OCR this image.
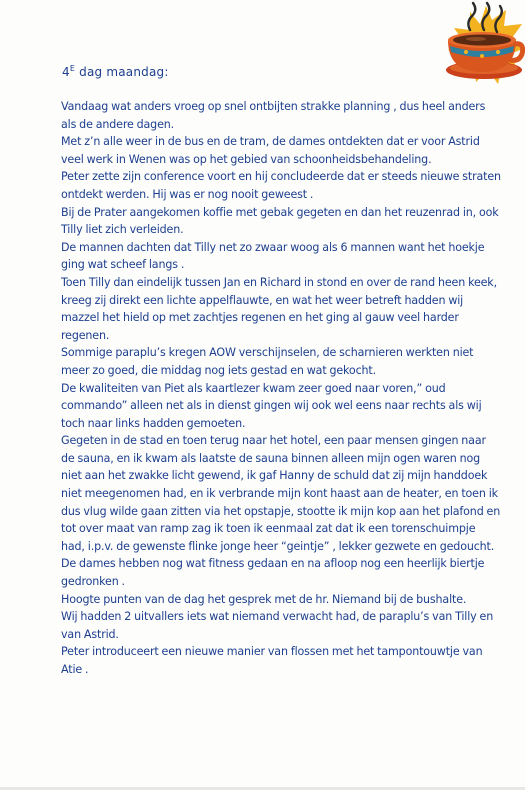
$4^E$ dag maandag:

Vandaag wat anders vroeg op snel ontbijten strakke planning , dus heel anders als de andere dagen.

Met z’n alle weer in de bus en de tram, de dames ontdekten dat er voor Astrid veel werk in Wenen was op het gebied van schoonheidsbehandeling.

Peter zette zijn conference voort en hij concludeerde dat er steeds nieuwe straten ontdekt werden. Hij was er nog nooit geweest .

Bij de Prater aangekomen koffie met gebak gegeten en dan het reuzenrad in, ook Tilly liet zich verleiden.

De mannen dachten dat Tilly net zo zwaar woog als 6 mannen want het hoekje ging wat scheef langs .

Toen Tilly dan eindelijk tussen Jan en Richard in stond en over de rand heen keek, kreeg zij direkt een lichte appelflauwte, en wat het weer betreft hadden wij mazzel het hield op met zachtjes regenen en het ging al gauw veel harder regenen.

Sommige paraplu’s kregen AOW verschijnselen, de scharnieren werkten niet meer zo goed, die middag nog iets gestad en wat gekocht.

De kwaliteiten van Piet als kaartlezer kwam zeer goed naar voren,” oud commando” alleen net als in dienst gingen wij ook wel eens naar rechts als wij toch naar links hadden gemoeten.

Gegeten in de stad en toen terug naar het hotel, een paar mensen gingen naar de sauna, en ik kwam als laatste de sauna binnen alleen mijn ogen waren nog niet aan het zwakke licht gewend, ik gaf Hanny de schuld dat zij mijn handdoek niet meegenomen had, en ik verbrande mijn kont haast aan de heater, en toen ik dus vlug wilde gaan zitten via het opstapje, stootte ik mijn kop aan het plafond en tot over maat van ramp zag ik toen ik eenmaal zat dat ik een torenschuimpje had, i.p.v. de gewenste flinke jonge heer “geintje” , lekker gezwete en gedoucht.

De dames hebben nog wat fitness gedaan en na afloop nog een heerlijk biertje gedronken .

Hoogte punten van de dag het gesprek met de hr. Niemand bij de bushalte.

Wij hadden 2 uitvallers iets wat niemand verwacht had, de paraplu’s van Tilly en van Astrid.

Peter introduceert een nieuwe manier van flossen met het tampontouwtje van Atie .
